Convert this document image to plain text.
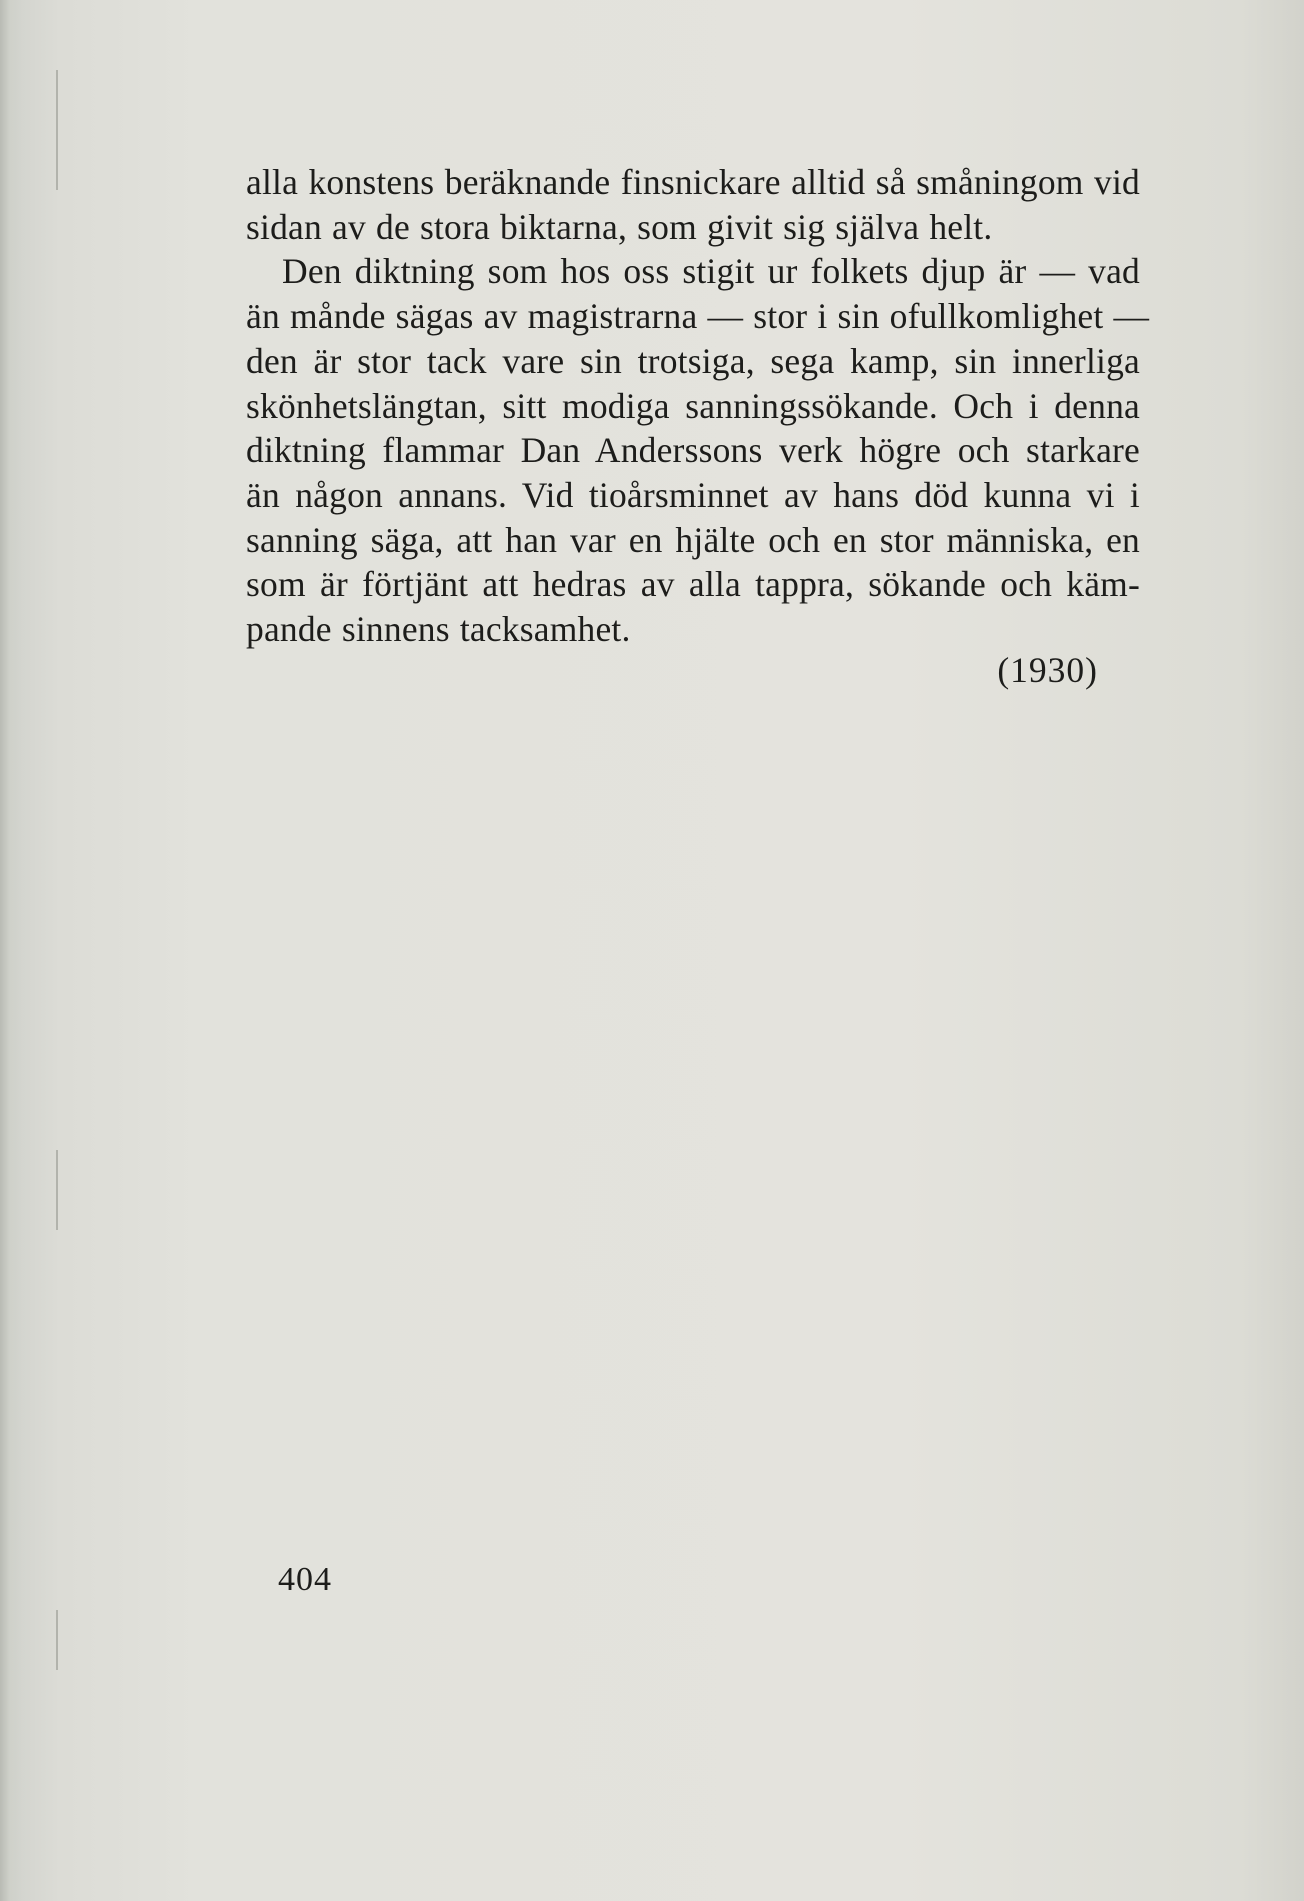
alla konstens beräknande finsnickare alltid så småningom vid
sidan av de stora biktarna, som givit sig själva helt.

Den diktning som hos oss stigit ur folkets djup är — vad
än månde sägas av magistrarna — stor i sin ofullkomlighet —
den är stor tack vare sin trotsiga, sega kamp, sin innerliga
skönhetslängtan, sitt modiga sanningssökande. Och i denna
diktning flammar Dan Anderssons verk högre och starkare
än någon annans. Vid tioårsminnet av hans död kunna vi i
sanning säga, att han var en hjälte och en stor människa, en
som är förtjänt att hedras av alla tappra, sökande och käm-
pande sinnens tacksamhet.

(1930)
404
